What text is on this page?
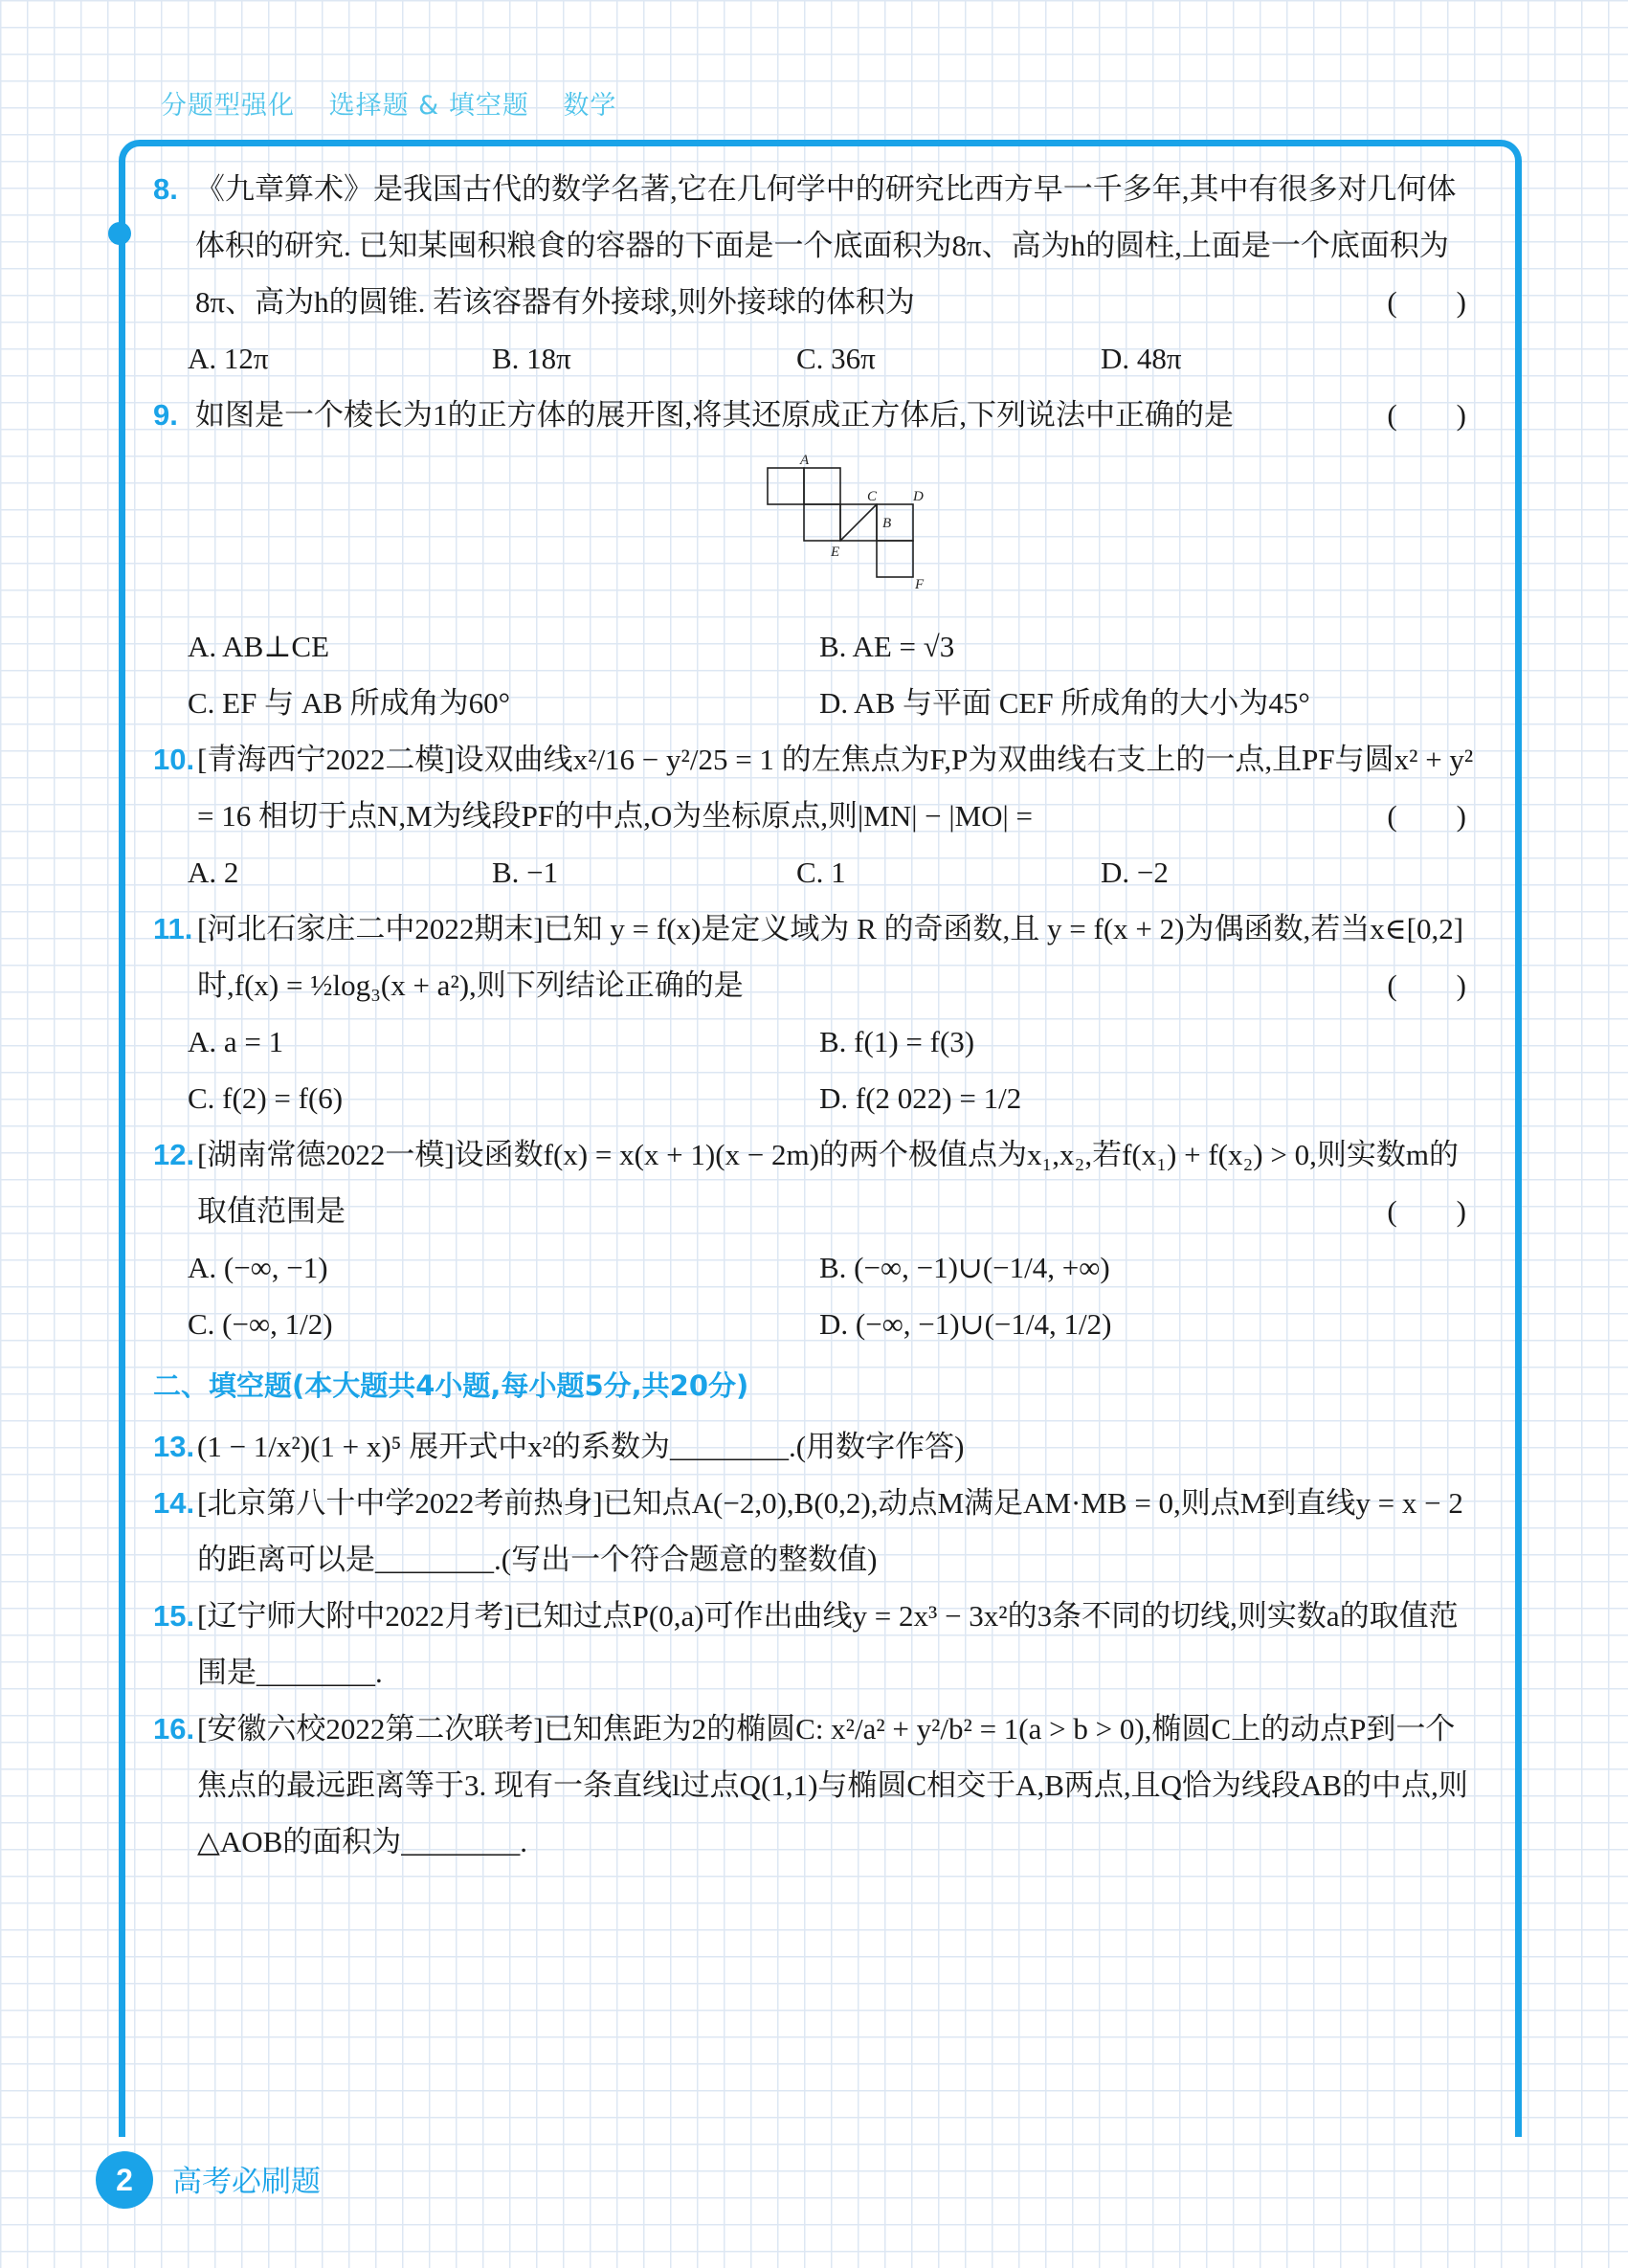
分题型强化 选择题 & 填空题 数学
8. 《九章算术》是我国古代的数学名著,它在几何学中的研究比西方早一千多年,其中有很多对几何体体积的研究. 已知某囤积粮食的容器的下面是一个底面积为8π、高为h的圆柱,上面是一个底面积为8π、高为h的圆锥. 若该容器有外接球,则外接球的体积为	(　　)
A. 12π	B. 18π	C. 36π	D. 48π
9. 如图是一个棱长为1的正方体的展开图,将其还原成正方体后,下列说法中正确的是	(　　)
A
C	D
B
E
F
A. AB⊥CE	B. AE = √3
C. EF 与 AB 所成角为60°	D. AB 与平面 CEF 所成角的大小为45°
10. [青海西宁2022二模]设双曲线x²/16 − y²/25 = 1 的左焦点为F,P为双曲线右支上的一点,且PF与圆x² + y² = 16 相切于点N,M为线段PF的中点,O为坐标原点,则|MN| − |MO| =	(　　)
A. 2	B. −1	C. 1	D. −2
11. [河北石家庄二中2022期末]已知 y = f(x)是定义域为 R 的奇函数,且 y = f(x + 2)为偶函数,若当x∈[0,2]时,f(x) = ½log₃(x + a²),则下列结论正确的是	(　　)
A. a = 1	B. f(1) = f(3)
C. f(2) = f(6)	D. f(2 022) = 1/2
12. [湖南常德2022一模]设函数f(x) = x(x + 1)(x − 2m)的两个极值点为x₁,x₂,若f(x₁) + f(x₂) > 0,则实数m的取值范围是	(　　)
A. (−∞, −1)	B. (−∞, −1)∪(−1/4, +∞)
C. (−∞, 1/2)	D. (−∞, −1)∪(−1/4, 1/2)
二、填空题(本大题共4小题,每小题5分,共20分)
13. (1 − 1/x²)(1 + x)⁵ 展开式中x²的系数为________.(用数字作答)
14. [北京第八十中学2022考前热身]已知点A(−2,0),B(0,2),动点M满足AM·MB = 0,则点M到直线y = x − 2的距离可以是________.(写出一个符合题意的整数值)
15. [辽宁师大附中2022月考]已知过点P(0,a)可作出曲线y = 2x³ − 3x²的3条不同的切线,则实数a的取值范围是________.
16. [安徽六校2022第二次联考]已知焦距为2的椭圆C: x²/a² + y²/b² = 1(a > b > 0),椭圆C上的动点P到一个焦点的最远距离等于3. 现有一条直线l过点Q(1,1)与椭圆C相交于A,B两点,且Q恰为线段AB的中点,则△AOB的面积为________.
2	高考必刷题
